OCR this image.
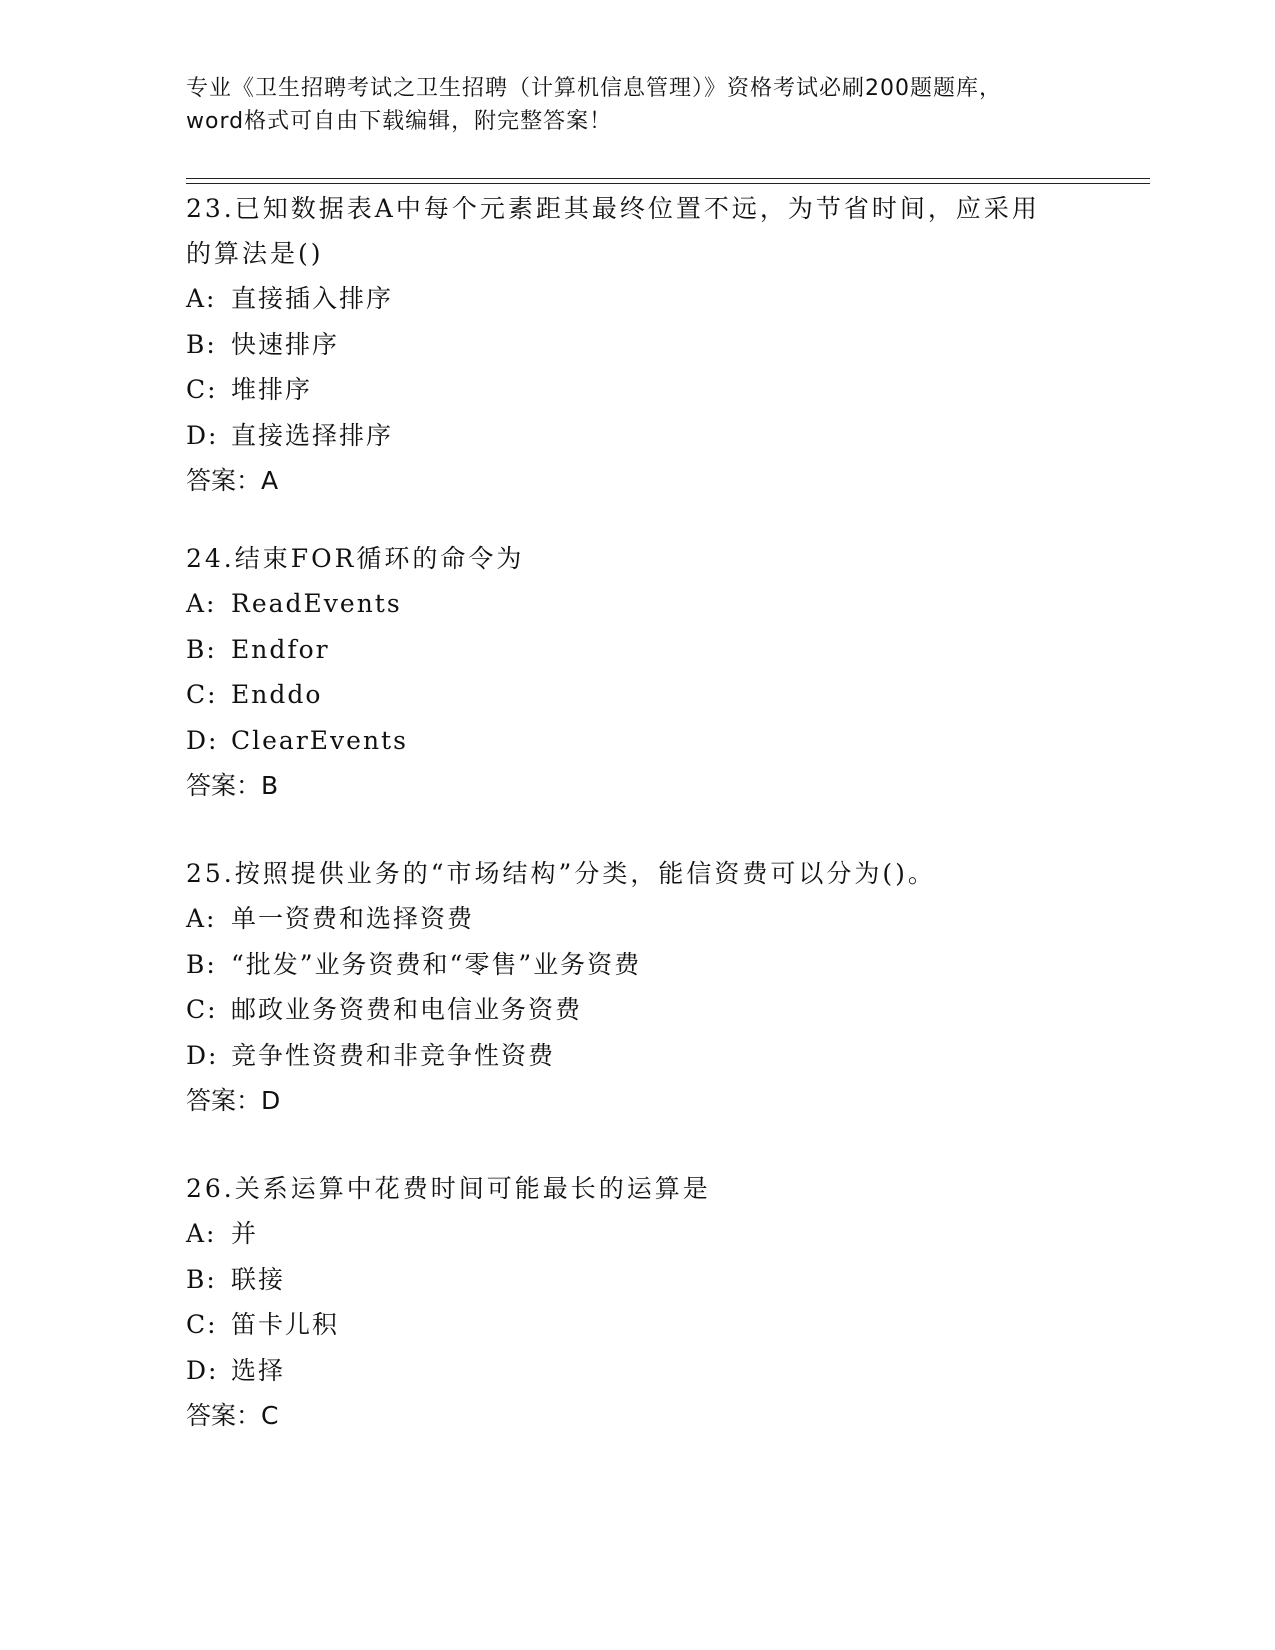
专业《卫生招聘考试之卫生招聘（计算机信息管理）》资格考试必刷200题题库，
word格式可自由下载编辑，附完整答案！

23.已知数据表A中每个元素距其最终位置不远，为节省时间，应采用

的算法是()

A: 直接插入排序

B: 快速排序

C: 堆排序

D: 直接选择排序

答案：A

24.结束FOR循环的命令为

A: ReadEvents

B: Endfor

C: Enddo

D: ClearEvents

答案：B

25.按照提供业务的“市场结构”分类，能信资费可以分为()。

A: 单一资费和选择资费

B: “批发”业务资费和“零售”业务资费

C: 邮政业务资费和电信业务资费

D: 竞争性资费和非竞争性资费

答案：D

26.关系运算中花费时间可能最长的运算是

A: 并

B: 联接

C: 笛卡儿积

D: 选择

答案：C
